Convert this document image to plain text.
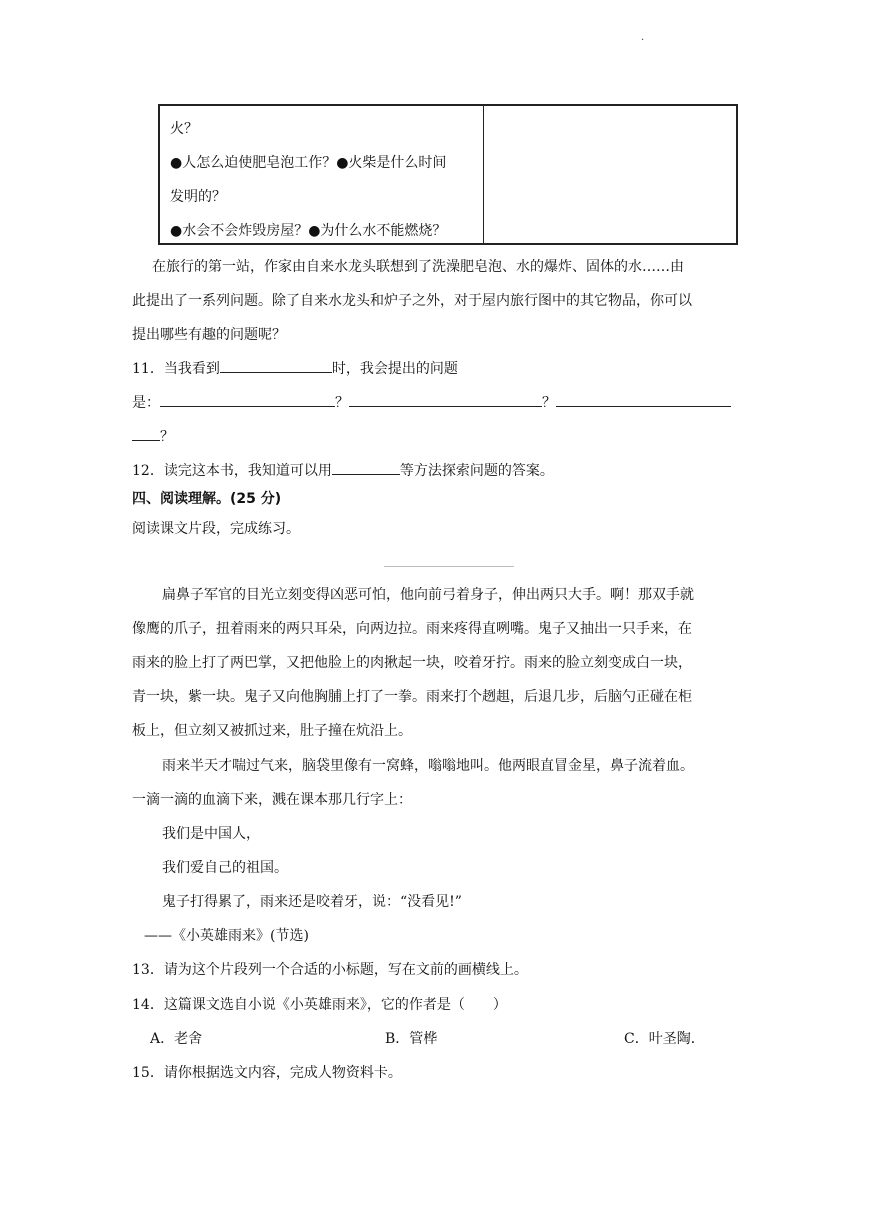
.
火？
●人怎么迫使肥皂泡工作？●火柴是什么时间
发明的？
●水会不会炸毁房屋？●为什么水不能燃烧？
在旅行的第一站，作家由自来水龙头联想到了洗澡肥皂泡、水的爆炸、固体的水……由
此提出了一系列问题。除了自来水龙头和炉子之外，对于屋内旅行图中的其它物品，你可以
提出哪些有趣的问题呢？
11．当我看到	时，我会提出的问题
是：	？	？
？
12．读完这本书，我知道可以用	等方法探索问题的答案。
四、阅读理解。(25 分)
阅读课文片段，完成练习。
扁鼻子军官的目光立刻变得凶恶可怕，他向前弓着身子，伸出两只大手。啊！那双手就
像鹰的爪子，扭着雨来的两只耳朵，向两边拉。雨来疼得直咧嘴。鬼子又抽出一只手来，在
雨来的脸上打了两巴掌，又把他脸上的肉揪起一块，咬着牙拧。雨来的脸立刻变成白一块，
青一块，紫一块。鬼子又向他胸脯上打了一拳。雨来打个趔趄，后退几步，后脑勺正碰在柜
板上，但立刻又被抓过来，肚子撞在炕沿上。
雨来半天才喘过气来，脑袋里像有一窝蜂，嗡嗡地叫。他两眼直冒金星，鼻子流着血。
一滴一滴的血滴下来，溅在课本那几行字上：
我们是中国人，
我们爱自己的祖国。
鬼子打得累了，雨来还是咬着牙，说：“没看见!”
——《小英雄雨来》(节选)
13．请为这个片段列一个合适的小标题，写在文前的画横线上。
14．这篇课文选自小说《小英雄雨来》，它的作者是（　　）
A．老舍	B．管桦	C．叶圣陶．
15．请你根据选文内容，完成人物资料卡。
